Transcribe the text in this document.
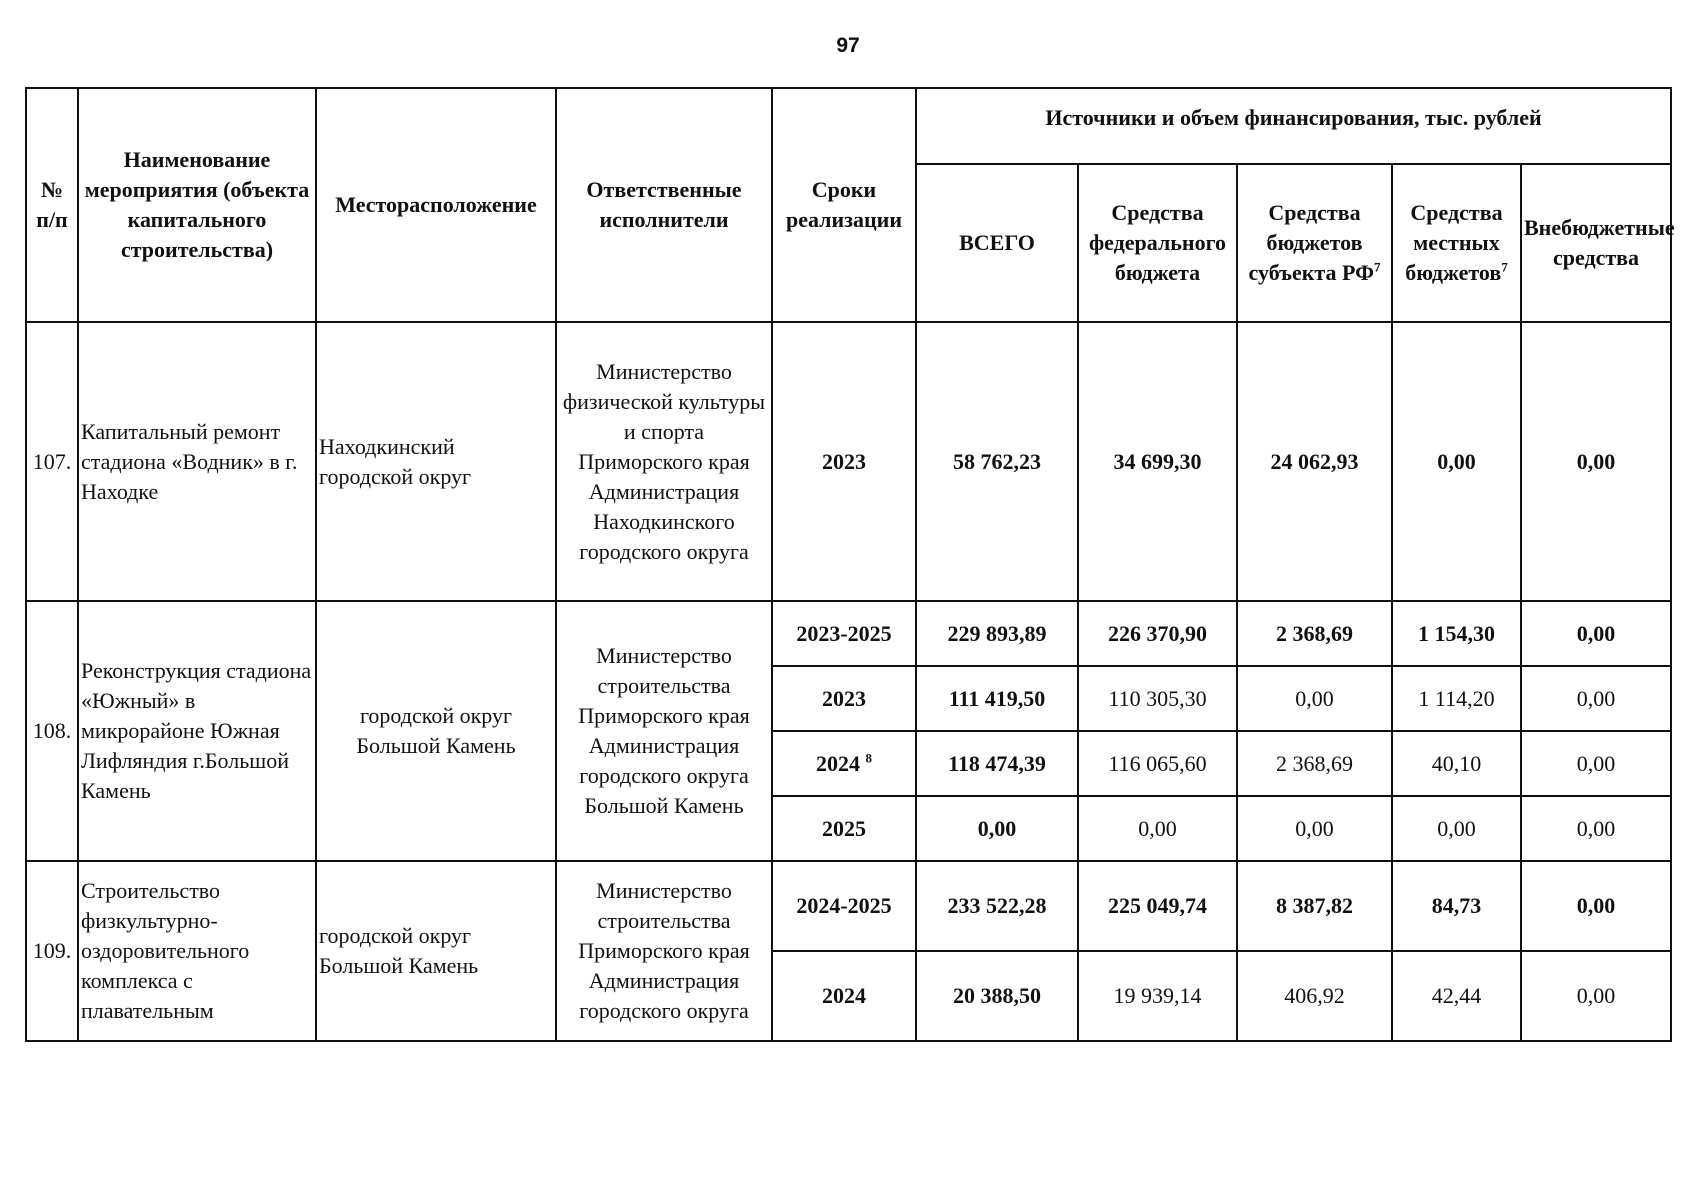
97
№ п/п	Наименование мероприятия (объекта капитального строительства)	Месторасположение	Ответственные исполнители	Сроки реализации	Источники и объем финансирования, тыс. рублей				
					ВСЕГО	Средства федерального бюджета	Средства бюджетов субъекта $РФ^7$	Средства местных бюджетов$^7$	Внебюджетные средства
107.	Капитальный ремонт стадиона «Водник» в г. Находке	Находкинский городской округ	Министерство физической культуры и спорта Приморского края Администрация Находкинского городского округа	2023	58 762,23	34 699,30	24 062,93	0,00	0,00
108.	Реконструкция стадиона «Южный» в микрорайоне Южная Лифляндия г.Большой Камень	городской округ Большой Камень	Министерство строительства Приморского края Администрация городского округа Большой Камень	2023-2025	229 893,89	226 370,90	2 368,69	1 154,30	0,00
				2023	111 419,50	110 305,30	0,00	1 114,20	0,00
				2024 $^8$	118 474,39	116 065,60	2 368,69	40,10	0,00
				2025	0,00	0,00	0,00	0,00	0,00
109.	Строительство физкультурно-оздоровительного комплекса с плавательным	городской округ Большой Камень	Министерство строительства Приморского края Администрация городского округа	2024-2025	233 522,28	225 049,74	8 387,82	84,73	0,00
				2024	20 388,50	19 939,14	406,92	42,44	0,00
